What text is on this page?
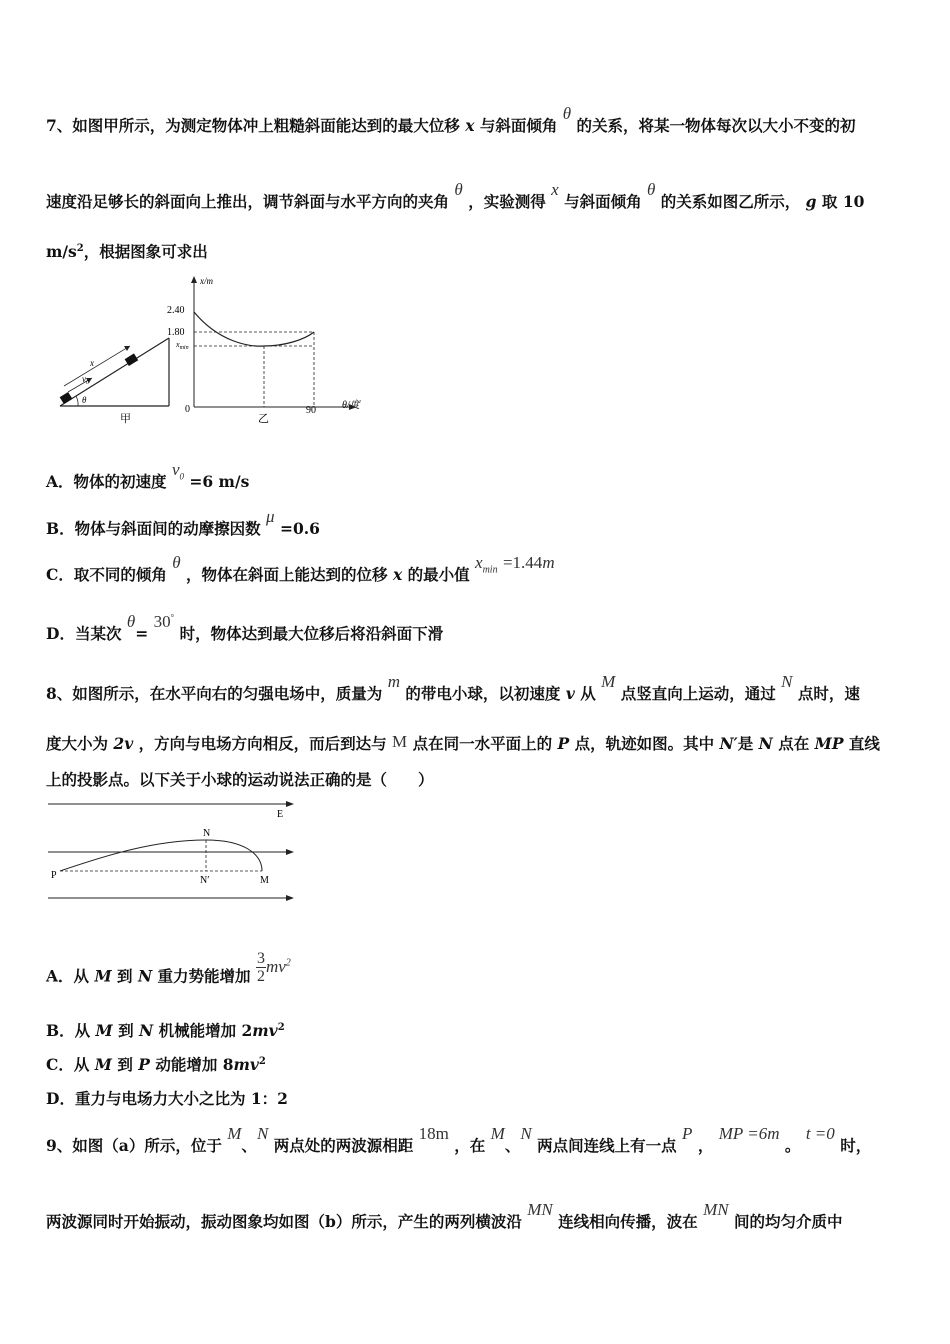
7、如图甲所示，为测定物体冲上粗糙斜面能达到的最大位移 x 与斜面倾角 θ 的关系，将某一物体每次以大小不变的初
速度沿足够长的斜面向上推出，调节斜面与水平方向的夹角 θ ，实验测得 x 与斜面倾角 θ 的关系如图乙所示， g 取 10
$m/s^2$，根据图象可求出
x
$v_0$
θ
甲
x/m
2.40
1.80
$x_{min}$
0	90	θ/度
乙
A．物体的初速度 $v_0 =6$ m/s
B．物体与斜面间的动摩擦因数 μ =0.6
C．取不同的倾角 θ ，物体在斜面上能达到的位移 x 的最小值 $x_{min} =1.44m$
D．当某次 θ= 30° 时，物体达到最大位移后将沿斜面下滑
8、如图所示，在水平向右的匀强电场中，质量为 m 的带电小球，以初速度 v 从 M 点竖直向上运动，通过 N 点时，速
度大小为 2v ，方向与电场方向相反，而后到达与 M 点在同一水平面上的 P 点，轨迹如图。其中 N′是 N 点在 MP 直线
上的投影点。以下关于小球的运动说法正确的是（　　）
E
N
P	N′	M
A．从 M 到 N 重力势能增加 $\frac{3}{2}mv^2$
B．从 M 到 N 机械能增加 $2mv^2$
C．从 M 到 P 动能增加 $8mv^2$
D．重力与电场力大小之比为 1：2
9、如图（a）所示，位于 M、N 两点处的两波源相距 18m ，在 M、N 两点间连线上有一点 P ， MP =6m 。 t =0 时，
两波源同时开始振动，振动图象均如图（b）所示，产生的两列横波沿 MN 连线相向传播，波在 MN 间的均匀介质中
